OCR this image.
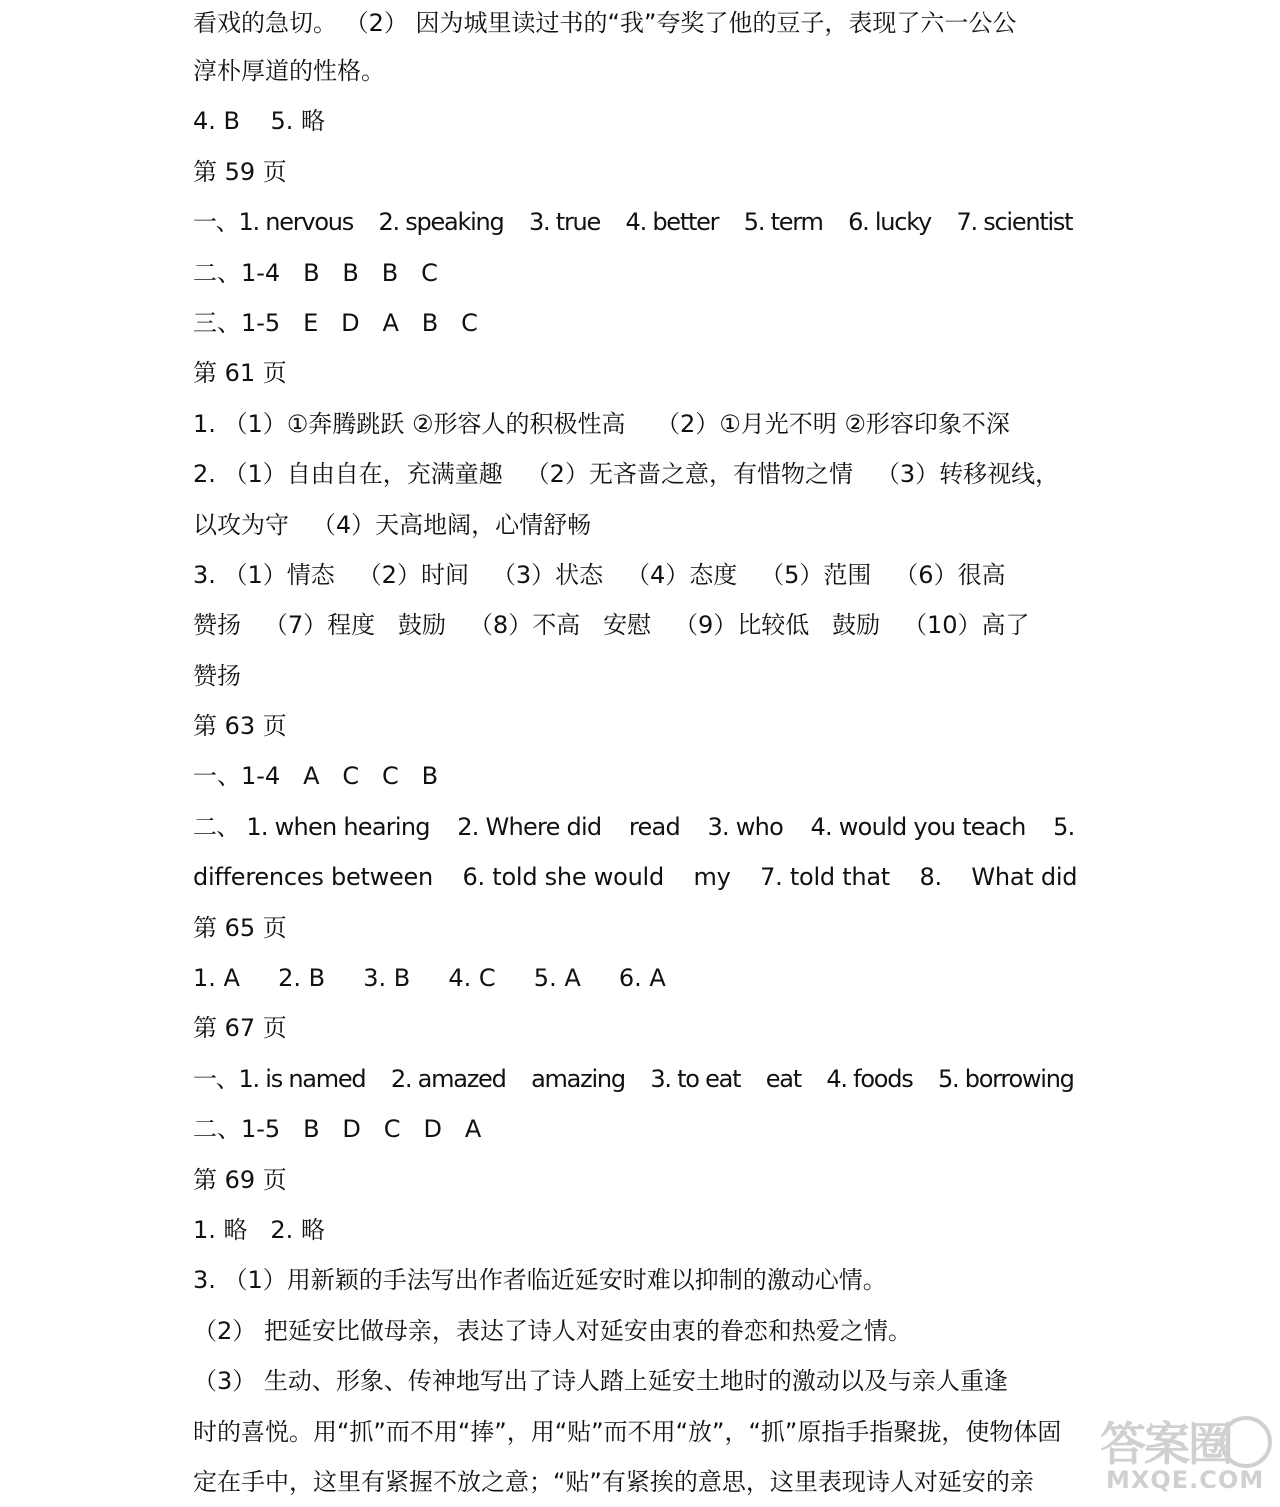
看戏的急切。 （2） 因为城里读过书的“我”夸奖了他的豆子，表现了六一公公
淳朴厚道的性格。
4. B    5. 略
第 59 页
一、1. nervous    2. speaking    3. true    4. better    5. term    6. lucky    7. scientist
二、1-4   B   B   B   C
三、1-5   E   D   A   B   C
第 61 页
1. （1）①奔腾跳跃 ②形容人的积极性高    （2）①月光不明 ②形容印象不深
2. （1）自由自在，充满童趣   （2）无吝啬之意，有惜物之情   （3）转移视线，
以攻为守   （4）天高地阔，心情舒畅
3. （1）情态   （2）时间   （3）状态   （4）态度   （5）范围   （6）很高
赞扬   （7）程度   鼓励   （8）不高   安慰   （9）比较低   鼓励   （10）高了
赞扬
第 63 页
一、1-4   A   C   C   B
二、 1. when hearing    2. Where did    read    3. who    4. would you teach    5.
differences between    6. told she would    my    7. told that    8.    What did
第 65 页
1. A     2. B     3. B     4. C     5. A     6. A
第 67 页
一、1. is named    2. amazed    amazing    3. to eat    eat    4. foods    5. borrowing
二、1-5   B   D   C   D   A
第 69 页
1. 略   2. 略
3. （1）用新颖的手法写出作者临近延安时难以抑制的激动心情。
（2） 把延安比做母亲，表达了诗人对延安由衷的眷恋和热爱之情。
（3） 生动、形象、传神地写出了诗人踏上延安土地时的激动以及与亲人重逢
时的喜悦。用“抓”而不用“捧”，用“贴”而不用“放”，“抓”原指手指聚拢，使物体固
定在手中，这里有紧握不放之意；“贴”有紧挨的意思，这里表现诗人对延安的亲
答案圈
MXQE.COM
